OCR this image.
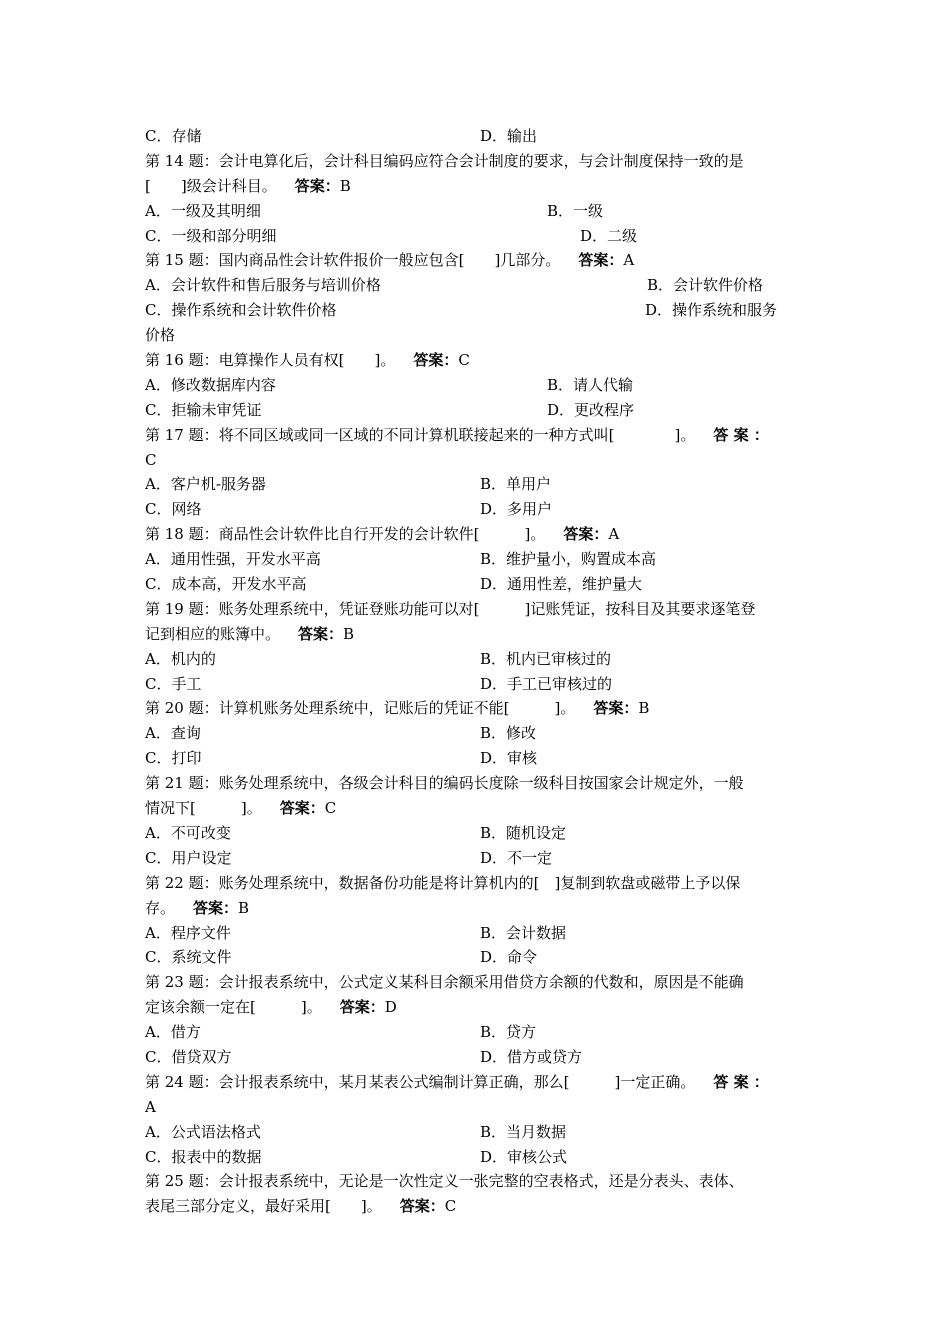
C．存储	D．输出
第 14 题：会计电算化后，会计科目编码应符合会计制度的要求，与会计制度保持一致的是
[　　]级会计科目。 答案：B
A．一级及其明细	B．一级
C．一级和部分明细	D．二级
第 15 题：国内商品性会计软件报价一般应包含[　　]几部分。 答案：A
A．会计软件和售后服务与培训价格	B．会计软件价格
C．操作系统和会计软件价格	D．操作系统和服务
价格
第 16 题：电算操作人员有权[　　]。 答案：C
A．修改数据库内容	B．请人代输
C．拒输未审凭证	D．更改程序
第 17 题：将不同区域或同一区域的不同计算机联接起来的一种方式叫[　　　　]。 答 案 ：
C
A．客户机-服务器	B．单用户
C．网络	D．多用户
第 18 题：商品性会计软件比自行开发的会计软件[　　　]。 答案：A
A．通用性强，开发水平高	B．维护量小，购置成本高
C．成本高，开发水平高	D．通用性差，维护量大
第 19 题：账务处理系统中，凭证登账功能可以对[　　　]记账凭证，按科目及其要求逐笔登
记到相应的账簿中。 答案：B
A．机内的	B．机内已审核过的
C．手工	D．手工已审核过的
第 20 题：计算机账务处理系统中，记账后的凭证不能[　　　]。 答案：B
A．查询	B．修改
C．打印	D．审核
第 21 题：账务处理系统中，各级会计科目的编码长度除一级科目按国家会计规定外，一般
情况下[　　　]。 答案：C
A．不可改变	B．随机设定
C．用户设定	D．不一定
第 22 题：账务处理系统中，数据备份功能是将计算机内的[　]复制到软盘或磁带上予以保
存。 答案：B
A．程序文件	B．会计数据
C．系统文件	D．命令
第 23 题：会计报表系统中，公式定义某科目余额采用借贷方余额的代数和，原因是不能确
定该余额一定在[　　　]。 答案：D
A．借方	B．贷方
C．借贷双方	D．借方或贷方
第 24 题：会计报表系统中，某月某表公式编制计算正确，那么[　　　]一定正确。 答 案 ：
A
A．公式语法格式	B．当月数据
C．报表中的数据	D．审核公式
第 25 题：会计报表系统中，无论是一次性定义一张完整的空表格式，还是分表头、表体、
表尾三部分定义，最好采用[　　]。 答案：C
